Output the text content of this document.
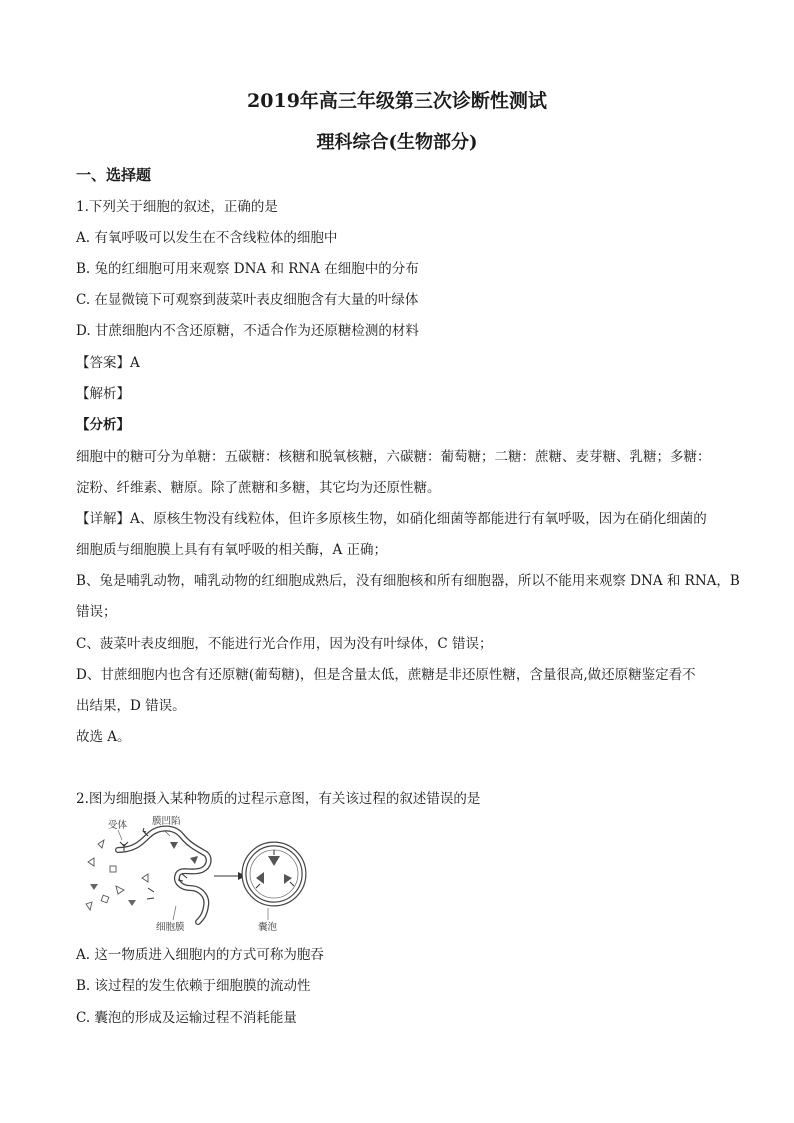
2019年高三年级第三次诊断性测试
理科综合(生物部分)
一、选择题
1.下列关于细胞的叙述，正确的是
A. 有氧呼吸可以发生在不含线粒体的细胞中
B. 兔的红细胞可用来观察 DNA 和 RNA 在细胞中的分布
C. 在显微镜下可观察到菠菜叶表皮细胞含有大量的叶绿体
D. 甘蔗细胞内不含还原糖，不适合作为还原糖检测的材料
【答案】A
【解析】
【分析】
细胞中的糖可分为单糖：五碳糖：核糖和脱氧核糖，六碳糖：葡萄糖；二糖：蔗糖、麦芽糖、乳糖；多糖：
淀粉、纤维素、糖原。除了蔗糖和多糖，其它均为还原性糖。
【详解】A、原核生物没有线粒体，但许多原核生物，如硝化细菌等都能进行有氧呼吸，因为在硝化细菌的
细胞质与细胞膜上具有有氧呼吸的相关酶，A 正确；
B、兔是哺乳动物，哺乳动物的红细胞成熟后，没有细胞核和所有细胞器，所以不能用来观察 DNA 和 RNA，B
错误；
C、菠菜叶表皮细胞，不能进行光合作用，因为没有叶绿体，C 错误；
D、甘蔗细胞内也含有还原糖(葡萄糖)，但是含量太低，蔗糖是非还原性糖，含量很高,做还原糖鉴定看不
出结果，D 错误。
故选 A。
2.图为细胞摄入某种物质的过程示意图，有关该过程的叙述错误的是
受体	膜凹陷
细胞膜	囊泡
A. 这一物质进入细胞内的方式可称为胞吞
B. 该过程的发生依赖于细胞膜的流动性
C. 囊泡的形成及运输过程不消耗能量
